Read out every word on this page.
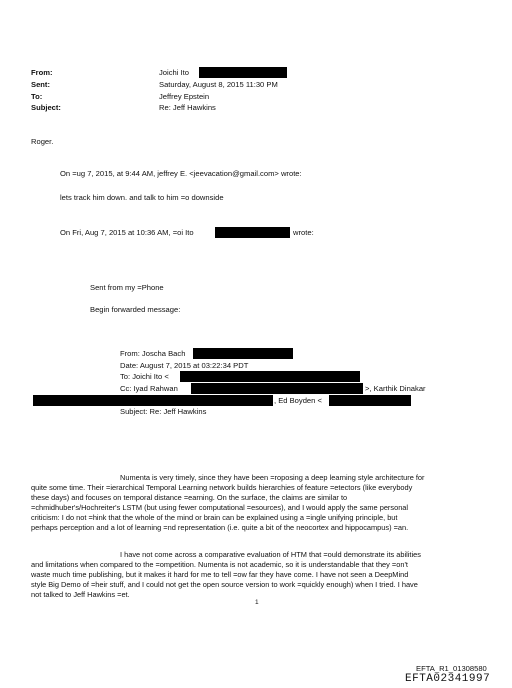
From:
Sent:
To:
Subject:
Joichi Ito
Saturday, August 8, 2015 11:30 PM
Jeffrey Epstein
Re: Jeff Hawkins
Roger.
On =ug 7, 2015, at 9:44 AM, jeffrey E. <jeevacation@gmail.com> wrote:
lets track him down. and talk to him =o downside
On Fri, Aug 7, 2015 at 10:36 AM, =oi Ito	wrote:
Sent from my =Phone
Begin forwarded message:
From: Joscha Bach
Date: August 7, 2015 at 03:22:34 PDT
To: Joichi Ito <
Cc: Iyad Rahwan	>, Karthik Dinakar
, Ed Boyden <
Subject: Re: Jeff Hawkins
Numenta is very timely, since they have been =roposing a deep learning style architecture for
quite some time. Their =ierarchical Temporal Learning network builds hierarchies of feature =etectors (like everybody
these days) and focuses on temporal distance =earning. On the surface, the claims are similar to
=chmidhuber's/Hochreiter's LSTM (but using fewer computational =esources), and I would apply the same personal
criticism: I do not =hink that the whole of the mind or brain can be explained using a =ingle unifying principle, but
perhaps perception and a lot of learning =nd representation (i.e. quite a bit of the neocortex and hippocampus) =an.
I have not come across a comparative evaluation of HTM that =ould demonstrate its abilities
and limitations when compared to the =ompetition. Numenta is not academic, so it is understandable that they =on't
waste much time publishing, but it makes it hard for me to tell =ow far they have come. I have not seen a DeepMind
style Big Demo of =heir stuff, and I could not get the open source version to work =quickly enough) when I tried. I have
not talked to Jeff Hawkins =et.
1
EFTA_R1_01308580
EFTA02341997
